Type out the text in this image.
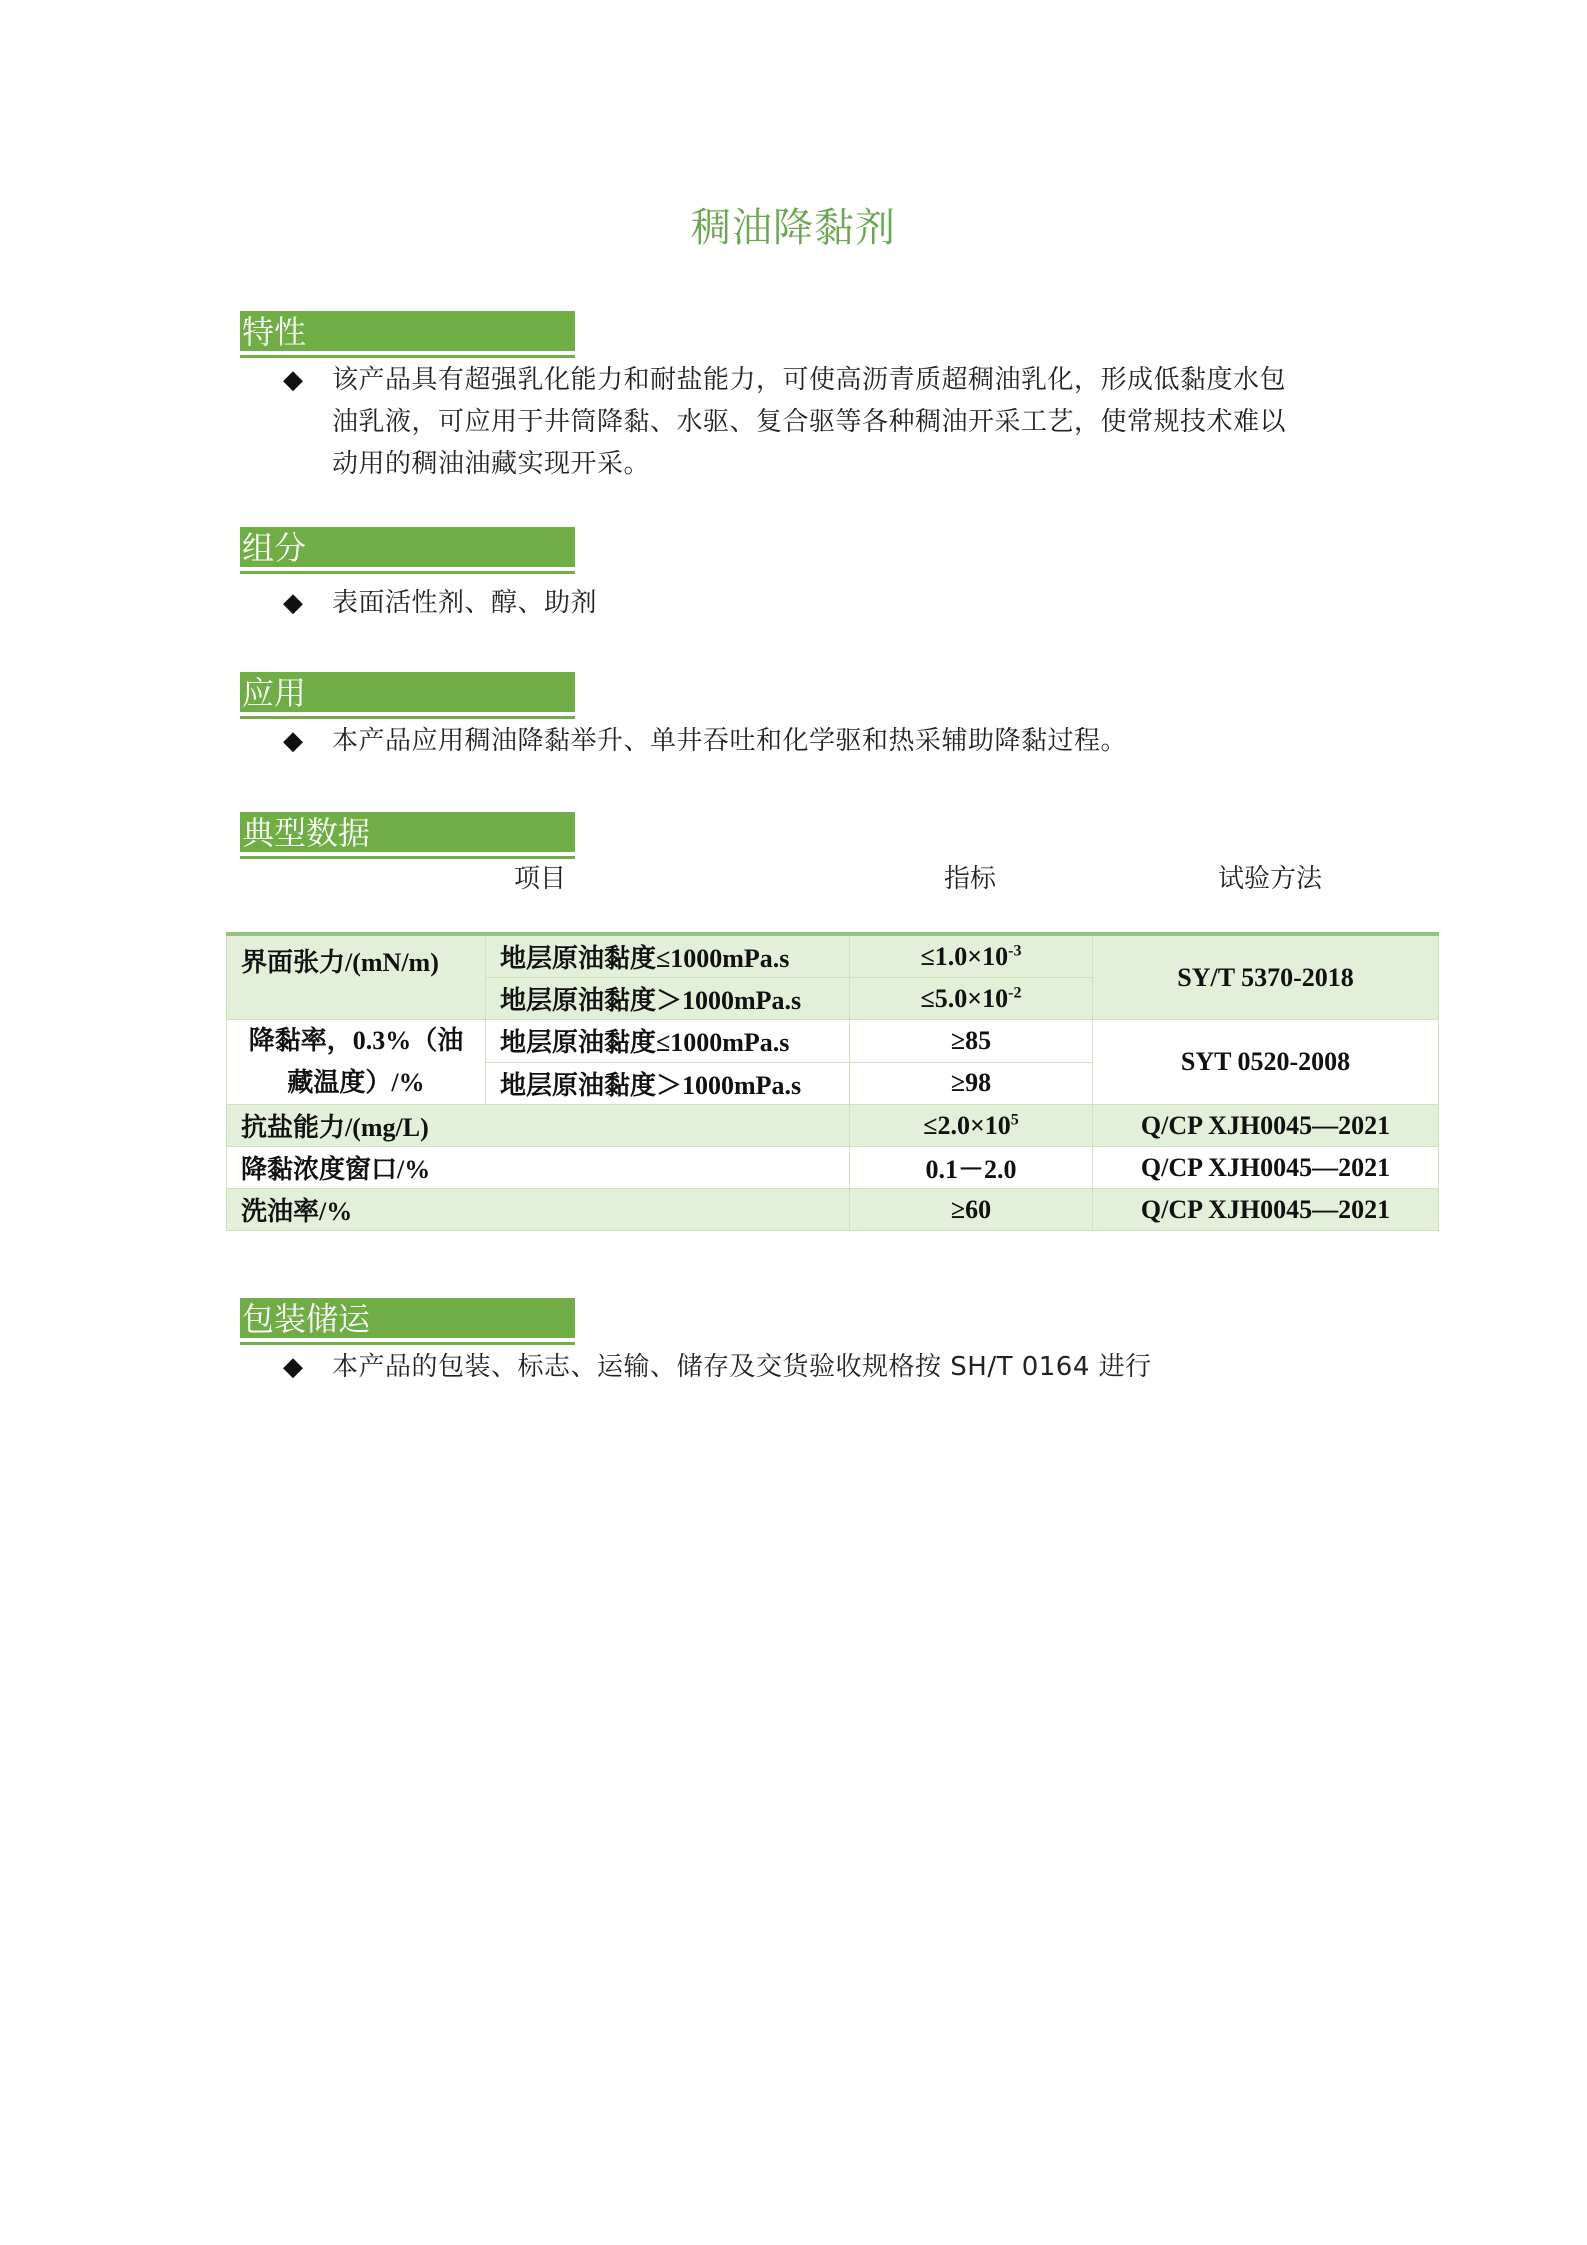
稠油降黏剂
特性
◆ 该产品具有超强乳化能力和耐盐能力，可使高沥青质超稠油乳化，形成低黏度水包
油乳液，可应用于井筒降黏、水驱、复合驱等各种稠油开采工艺，使常规技术难以
动用的稠油油藏实现开采。
组分
◆ 表面活性剂、醇、助剂
应用
◆ 本产品应用稠油降黏举升、单井吞吐和化学驱和热采辅助降黏过程。
典型数据
项目	指标	试验方法
界面张力/(mN/m)	地层原油黏度≤1000mPa.s	$\le 1.0\times 10^{-3}$	SY/T 5370-2018
	地层原油黏度＞1000mPa.s	$\le 5.0\times 10^{-2}$

降黏率，0.3%（油
藏温度）/%	地层原油黏度≤1000mPa.s	≥85	SYT 0520-2008
	地层原油黏度＞1000mPa.s	≥98	
抗盐能力/(mg/L)		$\le 2.0\times 10^5$	Q/CP XJH0045—2021
降黏浓度窗口/%		0.1－2.0	Q/CP XJH0045—2021
洗油率/%		≥60	Q/CP XJH0045—2021
包装储运
◆ 本产品的包装、标志、运输、储存及交货验收规格按 SH/T 0164 进行
